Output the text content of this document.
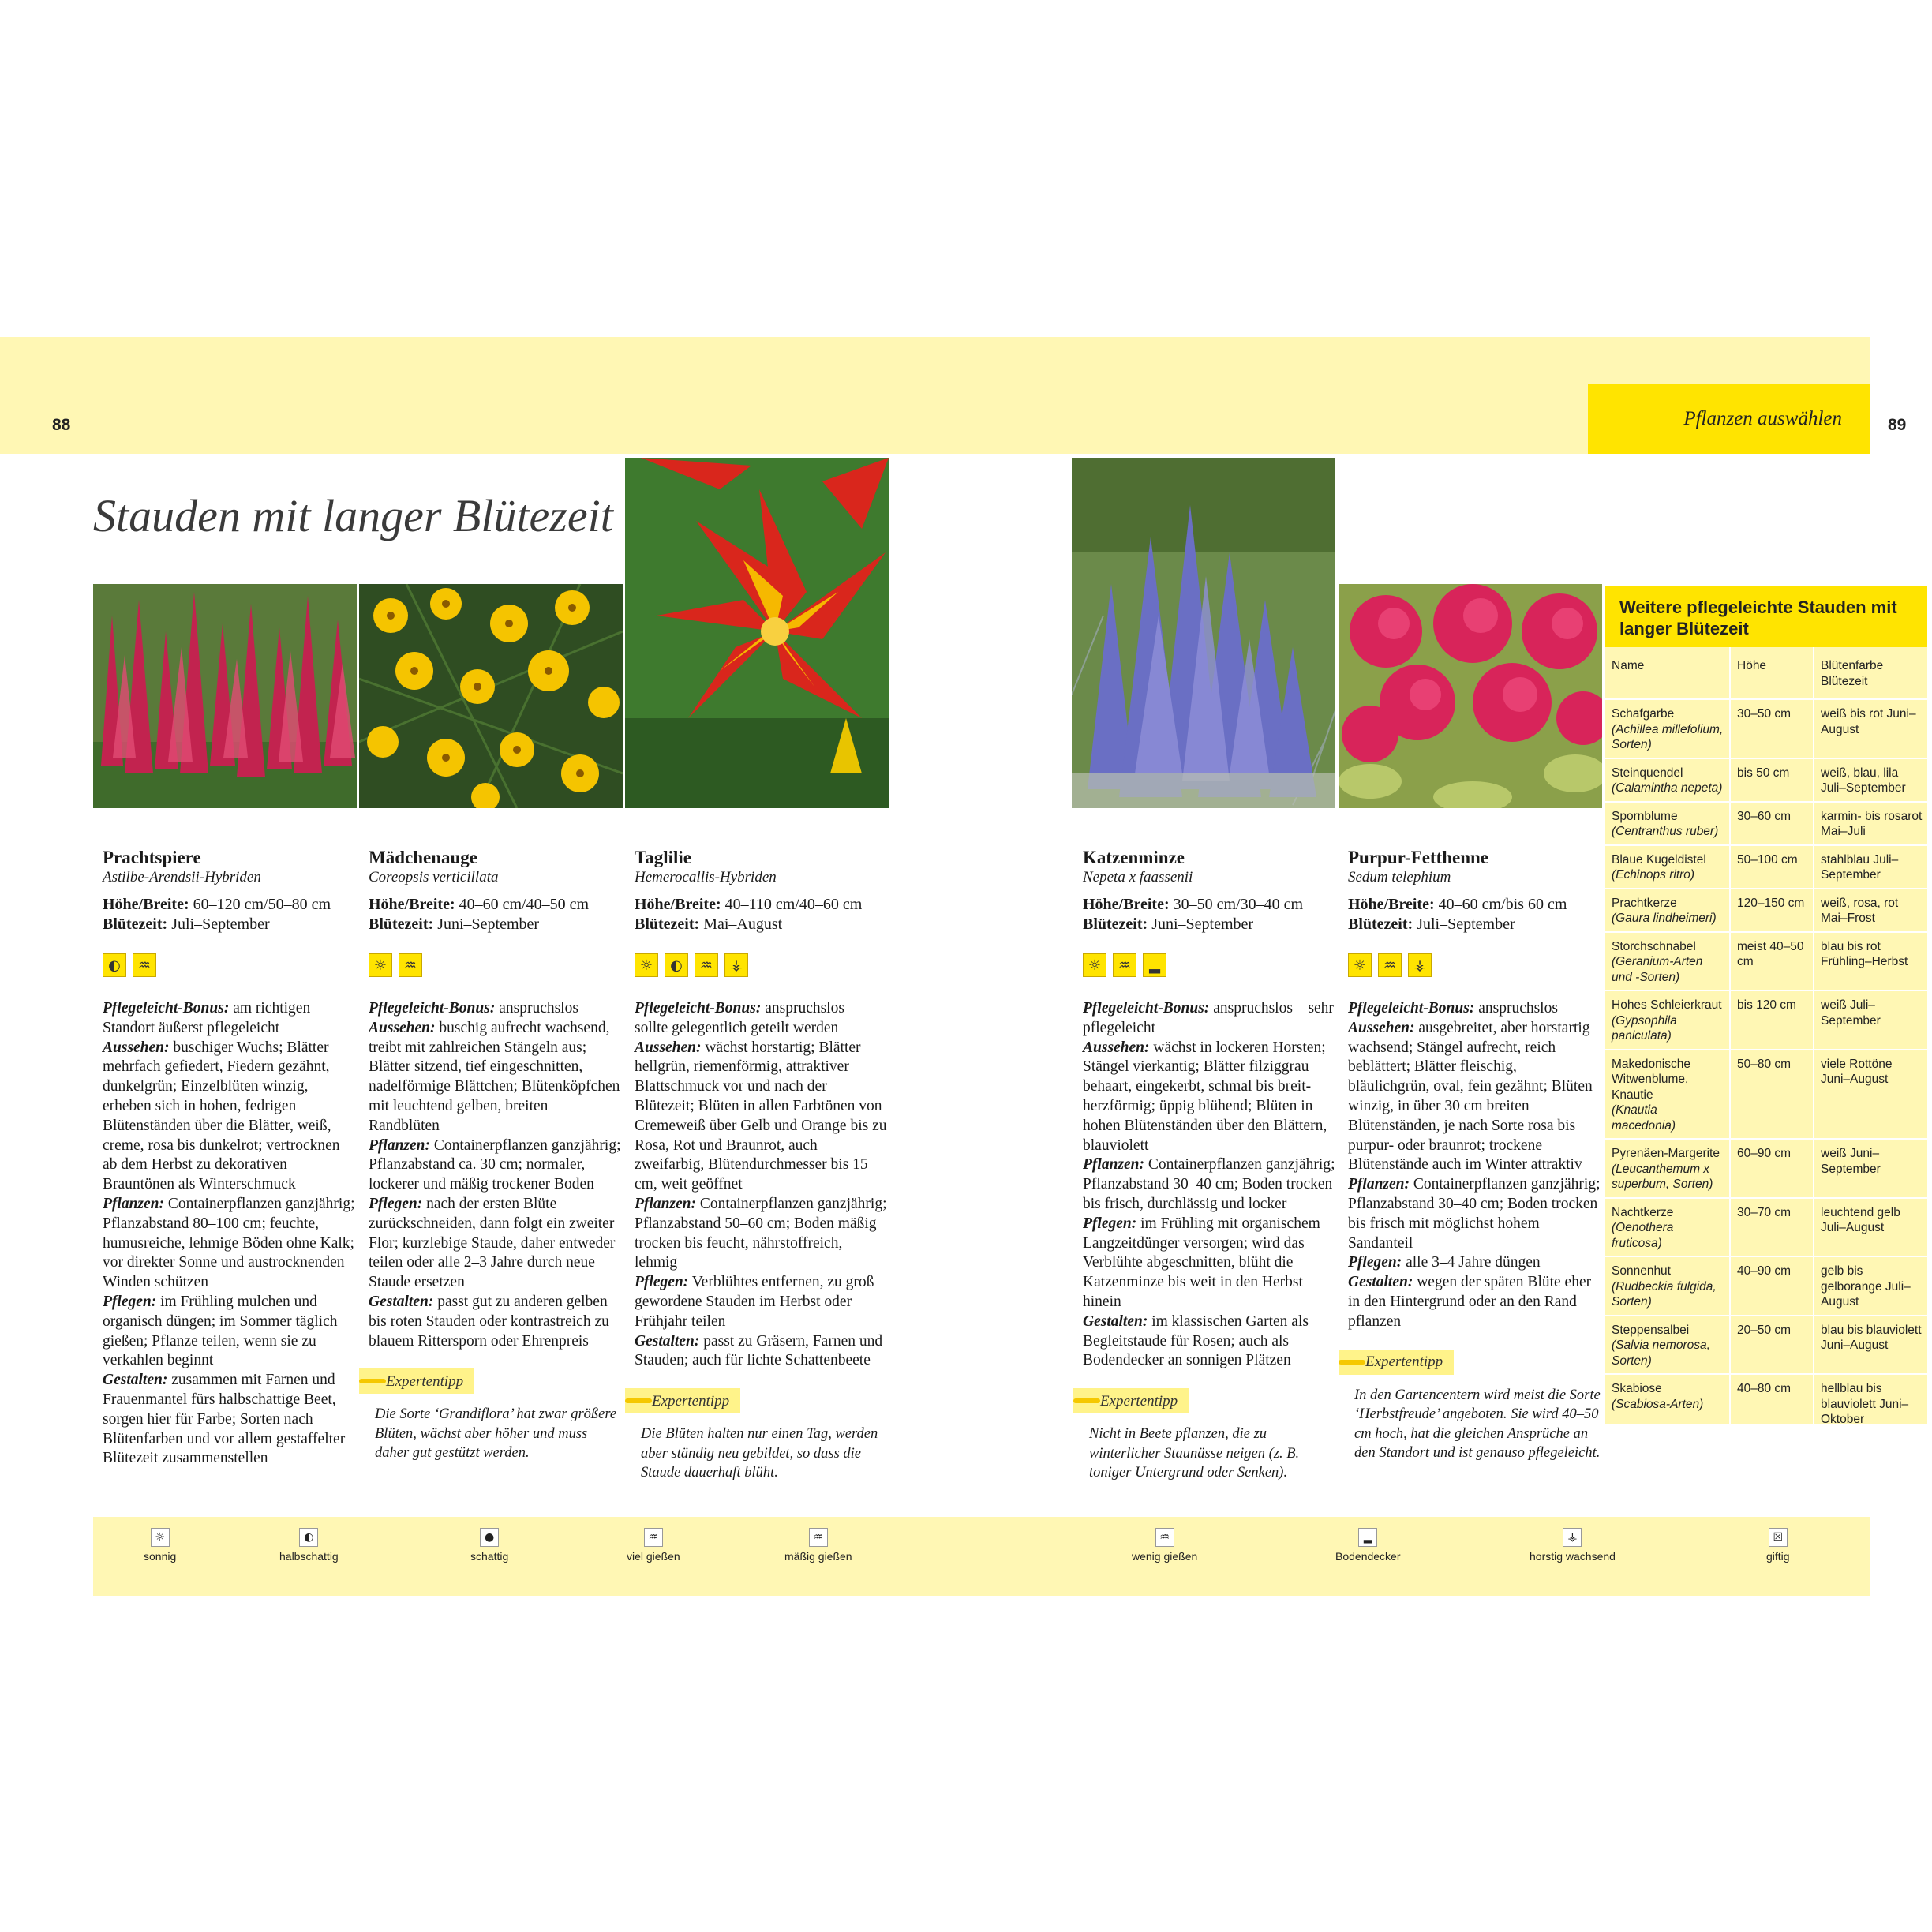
88	Pflanzen auswählen	89
Stauden mit langer Blütezeit
Prachtspiere
Astilbe-Arendsii-Hybriden
Höhe/Breite: 60–120 cm/50–80 cm
Blütezeit: Juli–September
◐	♒
Pflegeleicht-Bonus: am richtigen Standort äußerst pflegeleicht
Aussehen: buschiger Wuchs; Blätter mehrfach gefiedert, Fiedern gezähnt, dunkelgrün; Einzelblüten winzig, erheben sich in hohen, fedrigen Blütenständen über die Blätter, weiß, creme, rosa bis dunkelrot; vertrocknen ab dem Herbst zu dekorativen Brauntönen als Winterschmuck
Pflanzen: Containerpflanzen ganzjährig; Pflanzabstand 80–100 cm; feuchte, humusreiche, lehmige Böden ohne Kalk; vor direkter Sonne und austrocknenden Winden schützen
Pflegen: im Frühling mulchen und organisch düngen; im Sommer täglich gießen; Pflanze teilen, wenn sie zu verkahlen beginnt
Gestalten: zusammen mit Farnen und Frauenmantel fürs halbschattige Beet, sorgen hier für Farbe; Sorten nach Blütenfarben und vor allem gestaffelter Blütezeit zusammenstellen
Mädchenauge
Coreopsis verticillata
Höhe/Breite: 40–60 cm/40–50 cm
Blütezeit: Juni–September
☼	♒
Pflegeleicht-Bonus: anspruchslos
Aussehen: buschig aufrecht wachsend, treibt mit zahlreichen Stängeln aus; Blätter sitzend, tief eingeschnitten, nadelförmige Blättchen; Blütenköpfchen mit leuchtend gelben, breiten Randblüten
Pflanzen: Containerpflanzen ganzjährig; Pflanzabstand ca. 30 cm; normaler, lockerer und mäßig trockener Boden
Pflegen: nach der ersten Blüte zurückschneiden, dann folgt ein zweiter Flor; kurzlebige Staude, daher entweder teilen oder alle 2–3 Jahre durch neue Staude ersetzen
Gestalten: passt gut zu anderen gelben bis roten Stauden oder kontrastreich zu blauem Rittersporn oder Ehrenpreis
Expertentipp
Die Sorte ‘Grandiflora’ hat zwar größere Blüten, wächst aber höher und muss daher gut gestützt werden.
Taglilie
Hemerocallis-Hybriden
Höhe/Breite: 40–110 cm/40–60 cm
Blütezeit: Mai–August
☼	◐	♒	⚶
Pflegeleicht-Bonus: anspruchslos – sollte gelegentlich geteilt werden
Aussehen: wächst horstartig; Blätter hellgrün, riemenförmig, attraktiver Blattschmuck vor und nach der Blütezeit; Blüten in allen Farbtönen von Cremeweiß über Gelb und Orange bis zu Rosa, Rot und Braunrot, auch zweifarbig, Blütendurchmesser bis 15 cm, weit geöffnet
Pflanzen: Containerpflanzen ganzjährig; Pflanzabstand 50–60 cm; Boden mäßig trocken bis feucht, nährstoffreich, lehmig
Pflegen: Verblühtes entfernen, zu groß gewordene Stauden im Herbst oder Frühjahr teilen
Gestalten: passt zu Gräsern, Farnen und Stauden; auch für lichte Schattenbeete
Expertentipp
Die Blüten halten nur einen Tag, werden aber ständig neu gebildet, so dass die Staude dauerhaft blüht.
Katzenminze
Nepeta x faassenii
Höhe/Breite: 30–50 cm/30–40 cm
Blütezeit: Juni–September
☼	♒	▂
Pflegeleicht-Bonus: anspruchslos – sehr pflegeleicht
Aussehen: wächst in lockeren Horsten; Stängel vierkantig; Blätter filziggrau behaart, eingekerbt, schmal bis breit-herzförmig; üppig blühend; Blüten in hohen Blütenständen über den Blättern, blauviolett
Pflanzen: Containerpflanzen ganzjährig; Pflanzabstand 30–40 cm; Boden trocken bis frisch, durchlässig und locker
Pflegen: im Frühling mit organischem Langzeitdünger versorgen; wird das Verblühte abgeschnitten, blüht die Katzenminze bis weit in den Herbst hinein
Gestalten: im klassischen Garten als Begleitstaude für Rosen; auch als Bodendecker an sonnigen Plätzen
Expertentipp
Nicht in Beete pflanzen, die zu winterlicher Staunässe neigen (z. B. toniger Untergrund oder Senken).
Purpur-Fetthenne
Sedum telephium
Höhe/Breite: 40–60 cm/bis 60 cm
Blütezeit: Juli–September
☼	♒	⚶
Pflegeleicht-Bonus: anspruchslos
Aussehen: ausgebreitet, aber horstartig wachsend; Stängel aufrecht, reich beblättert; Blätter fleischig, bläulichgrün, oval, fein gezähnt; Blüten winzig, in über 30 cm breiten Blütenständen, je nach Sorte rosa bis purpur- oder braunrot; trockene Blütenstände auch im Winter attraktiv
Pflanzen: Containerpflanzen ganzjährig; Pflanzabstand 30–40 cm; Boden trocken bis frisch mit möglichst hohem Sandanteil
Pflegen: alle 3–4 Jahre düngen
Gestalten: wegen der späten Blüte eher in den Hintergrund oder an den Rand pflanzen
Expertentipp
In den Gartencentern wird meist die Sorte ‘Herbstfreude’ angeboten. Sie wird 40–50 cm hoch, hat die gleichen Ansprüche an den Standort und ist genauso pflegeleicht.
Weitere pflegeleichte Stauden mit langer Blütezeit
Name	Höhe	Blütenfarbe Blütezeit
Schafgarbe
(Achillea millefolium, Sorten)	30–50 cm	weiß bis rot Juni–August
Steinquendel
(Calamintha nepeta)	bis 50 cm	weiß, blau, lila Juli–September
Spornblume
(Centranthus ruber)	30–60 cm	karmin- bis rosarot Mai–Juli
Blaue Kugeldistel
(Echinops ritro)	50–100 cm	stahlblau Juli–September
Prachtkerze
(Gaura lindheimeri)	120–150 cm	weiß, rosa, rot Mai–Frost
Storchschnabel
(Geranium-Arten und -Sorten)	meist 40–50 cm	blau bis rot Frühling–Herbst
Hohes Schleierkraut
(Gypsophila paniculata)	bis 120 cm	weiß Juli–September
Makedonische Witwenblume, Knautie
(Knautia macedonia)	50–80 cm	viele Rottöne Juni–August
Pyrenäen-Margerite
(Leucanthemum x superbum, Sorten)	60–90 cm	weiß Juni–September
Nachtkerze
(Oenothera fruticosa)	30–70 cm	leuchtend gelb Juli–August
Sonnenhut
(Rudbeckia fulgida, Sorten)	40–90 cm	gelb bis gelborange Juli–August
Steppensalbei
(Salvia nemorosa, Sorten)	20–50 cm	blau bis blauviolett Juni–August
Skabiose
(Scabiosa-Arten)	40–80 cm	hellblau bis blauviolett Juni–Oktober
☼
sonnig
◐
halbschattig
●
schattig
♒
viel gießen
♒
mäßig gießen
♒
wenig gießen
▂
Bodendecker
⚶
horstig wachsend
☒
giftig
